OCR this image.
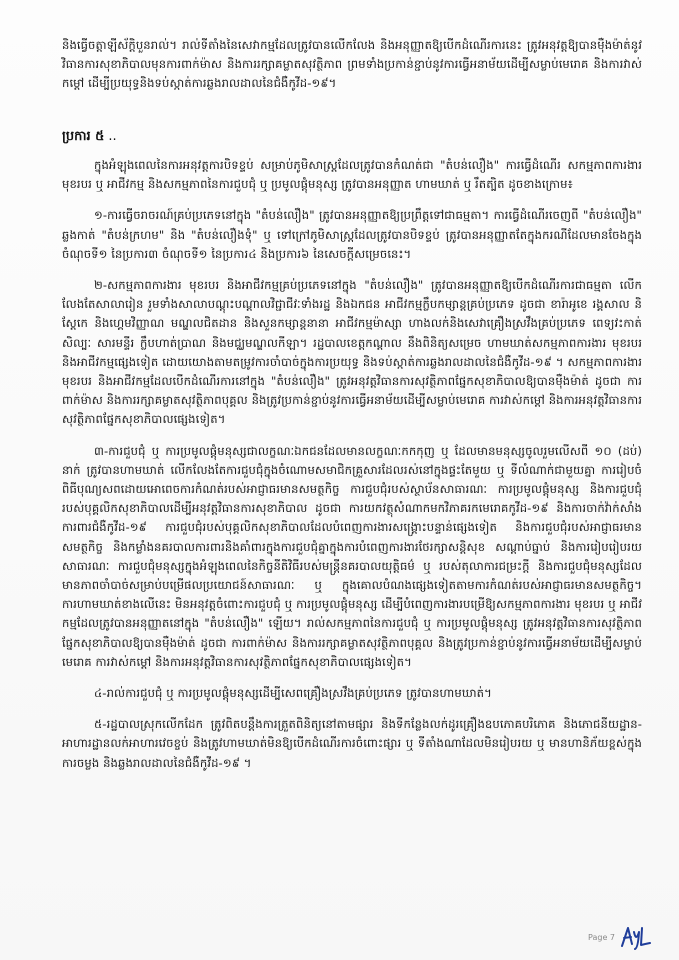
និងធ្វើចត្តាឡីស័ក្តិបួនរាល់។ រាល់ទីតាំងនៃសេវាកម្មដែលត្រូវបានលើកលែង និងអនុញ្ញាតឱ្យបើកដំណើរការនេះ ត្រូវអនុវត្តឱ្យបានម៉ឺងម៉ាត់នូវវិធានការសុខាភិបាលមុនការពាក់ម៉ាស និងការរក្សាគម្លាតសុវត្ថិភាព ព្រមទាំងប្រកាន់ខ្ជាប់នូវការធ្វើអនាម័យដើម្បីសម្លាប់មេរោគ និងការវាស់កម្ដៅ ដើម្បីប្រយុទ្ធនិងទប់ស្កាត់ការឆ្លងរាលដាលនៃជំងឺកូវីដ-១៩។

ប្រការ ៥ ..

ក្នុងអំឡុងពេលនៃការអនុវត្តការបិទខ្ទប់ សម្រាប់ភូមិសាស្ត្រដែលត្រូវបានកំណត់ជា "តំបន់លឿង" ការធ្វើដំណើរ សកម្មភាពការងារ មុខរបរ ឬ អាជីវកម្ម និងសកម្មភាពនៃការជួបជុំ ឬ ប្រមូលផ្តុំមនុស្ស ត្រូវបានអនុញ្ញាត ហាមឃាត់ ឬ រឹតត្បិត ដូចខាងក្រោម៖

១-ការធ្វើចរាចរណ៍គ្រប់ប្រភេទនៅក្នុង "តំបន់លឿង" ត្រូវបានអនុញ្ញាតឱ្យប្រព្រឹត្តទៅជាធម្មតា។ ការធ្វើដំណើរចេញពី "តំបន់លឿង" ឆ្លងកាត់ "តំបន់ក្រហម" និង "តំបន់លឿងទុំ" ឬ ទៅក្រៅភូមិសាស្ត្រដែលត្រូវបានបិទខ្ទប់ ត្រូវបានអនុញ្ញាតតែក្នុងករណីដែលមានចែងក្នុងចំណុចទី១ នៃប្រការ៣ ចំណុចទី១ នៃប្រការ៤ និងប្រការ៦ នៃសេចក្តីសម្រេចនេះ។

២-សកម្មភាពការងារ មុខរបរ និងអាជីវកម្មគ្រប់ប្រភេទនៅក្នុង "តំបន់លឿង" ត្រូវបានអនុញ្ញាតឱ្យបើកដំណើរការជាធម្មតា លើកលែងតែសាលារៀន រួមទាំងសាលាបណ្តុះបណ្តាលវិជ្ជាជីវៈទាំងរដ្ឋ និងឯកជន អាជីវកម្មក្លឹបកម្សាន្តគ្រប់ប្រភេទ ដូចជា ខារ៉ាអូខេ រង្គសាល និស្តែកេ និងហ្គេមវិញ្ញាណ មណ្ឌលជិតដាន និងសួនកម្សាន្តនានា អាជីវកម្មម៉ាស្សា ហាងលក់និងសេវាគ្រឿងស្រវឹងគ្រប់ប្រភេទ ពេទ្យវះកាត់សិល្បៈ សារមន្ទីរ ក្លឹបហាត់ប្រាណ និងមជ្ឈមណ្ឌលកីឡា។ រដ្ឋបាលខេត្តកណ្ដាល នឹងពិនិត្យសម្រេច ហាមឃាត់សកម្មភាពការងារ មុខរបរ និងអាជីវកម្មផ្សេងទៀត ដោយយោងតាមតម្រូវការចាំបាច់ក្នុងការប្រយុទ្ធ និងទប់ស្កាត់ការឆ្លងរាលដាលនៃជំងឺកូវីដ-១៩ ។ សកម្មភាពការងារ មុខរបរ និងអាជីវកម្មដែលបើកដំណើរការនៅក្នុង "តំបន់លឿង" ត្រូវអនុវត្តវិធានការសុវត្ថិភាពផ្នែកសុខាភិបាលឱ្យបានម៉ឺងម៉ាត់ ដូចជា ការពាក់ម៉ាស និងការរក្សាគម្លាតសុវត្ថិភាពបុគ្គល និងត្រូវប្រកាន់ខ្ជាប់នូវការធ្វើអនាម័យដើម្បីសម្លាប់មេរោគ ការវាស់កម្ដៅ និងការអនុវត្តវិធានការសុវត្ថិភាពផ្នែកសុខាភិបាលផ្សេងទៀត។

៣-ការជួបជុំ ឬ ការប្រមូលផ្តុំមនុស្សជាលក្ខណៈឯកជនដែលមានលក្ខណៈកកកុញ ឬ ដែលមានមនុស្សចូលរួមលើសពី ១០ (ដប់) នាក់ ត្រូវបានហាមឃាត់ លើកលែងតែការជួបជុំក្នុងចំណោមសមាជិកគ្រួសារដែលរស់នៅក្នុងផ្ទះតែមួយ ឬ ទីលំណាក់ជាមួយគ្នា ការរៀបចំពិធីបុណ្យសពដោយអោពេចការកំណត់របស់អាជ្ញាធរមានសមត្ថកិច្ច ការជួបជុំរបស់ស្ថាប័នសាធារណៈ ការប្រមូលផ្តុំមនុស្ស និងការជួបជុំរបស់បុគ្គលិកសុខាភិបាលដើម្បីអនុវត្តវិធានការសុខាភិបាល ដូចជា ការយកវត្ថុសំណាកមកវិភាគរកមេរោគកូវីដ-១៩ និងការចាក់វ៉ាក់សាំងការពារជំងឺកូវីដ-១៩ ការជួបជុំរបស់បុគ្គលិកសុខាភិបាលដែលបំពេញការងារសង្គ្រោះបន្ទាន់ផ្សេងទៀត និងការជួបជុំរបស់អាជ្ញាធរមានសមត្ថកិច្ច និងកម្លាំងនគរបាលការពារនិងគាំពារក្នុងការជួបជុំគ្នាក្នុងការបំពេញការងារថែរក្សាសន្តិសុខ សណ្តាប់ធ្នាប់ និងការរៀបរៀបរយសាធារណៈ ការជួបជុំមនុស្សក្នុងអំឡុងពេលនៃកិច្ចនីតិវិធីរបស់មន្ត្រីនគរបាលយុត្តិធម៌ ឬ របស់តុលាការជម្រះក្តី និងការជួបជុំមនុស្សដែលមានភាពចាំបាច់សម្រាប់បម្រើផលប្រយោជន៍សាធារណៈ ឬ ក្នុងគោលបំណងផ្សេងទៀតតាមការកំណត់របស់អាជ្ញាធរមានសមត្ថកិច្ច។ ការហាមឃាត់ខាងលើនេះ មិនអនុវត្តចំពោះការជួបជុំ ឬ ការប្រមូលផ្តុំមនុស្ស ដើម្បីបំពេញការងារបម្រើឱ្យសកម្មភាពការងារ មុខរបរ ឬ អាជីវកម្មដែលត្រូវបានអនុញ្ញាតនៅក្នុង "តំបន់លឿង" ឡើយ។ រាល់សកម្មភាពនៃការជួបជុំ ឬ ការប្រមូលផ្តុំមនុស្ស ត្រូវអនុវត្តវិធានការសុវត្ថិភាពផ្នែកសុខាភិបាលឱ្យបានម៉ឺងម៉ាត់ ដូចជា ការពាក់ម៉ាស និងការរក្សាគម្លាតសុវត្ថិភាពបុគ្គល និងត្រូវប្រកាន់ខ្ជាប់នូវការធ្វើអនាម័យដើម្បីសម្លាប់មេរោគ ការវាស់កម្ដៅ និងការអនុវត្តវិធានការសុវត្ថិភាពផ្នែកសុខាភិបាលផ្សេងទៀត។

៤-រាល់ការជួបជុំ ឬ ការប្រមូលផ្តុំមនុស្សដើម្បីសេពគ្រឿងស្រវឹងគ្រប់ប្រភេទ ត្រូវបានហាមឃាត់។

៥-រដ្ឋបាលស្រុកលើកដែក ត្រូវពិតបន្តឹងការត្រួតពិនិត្យនៅតាមផ្សារ និងទីកន្លែងលក់ដូរគ្រឿងឧបភោគបរិភោគ និងភោជនីយដ្ឋាន-អាហារដ្ឋានលក់អាហារវេចខ្ចប់ និងត្រូវហាមឃាត់មិនឱ្យបើកដំណើរការចំពោះផ្សារ ឬ ទីតាំងណាដែលមិនរៀបរយ ឬ មានហានិភ័យខ្ពស់ក្នុងការចម្លង និងឆ្លងរាលដាលនៃជំងឺកូវីដ-១៩ ។

Page 7
